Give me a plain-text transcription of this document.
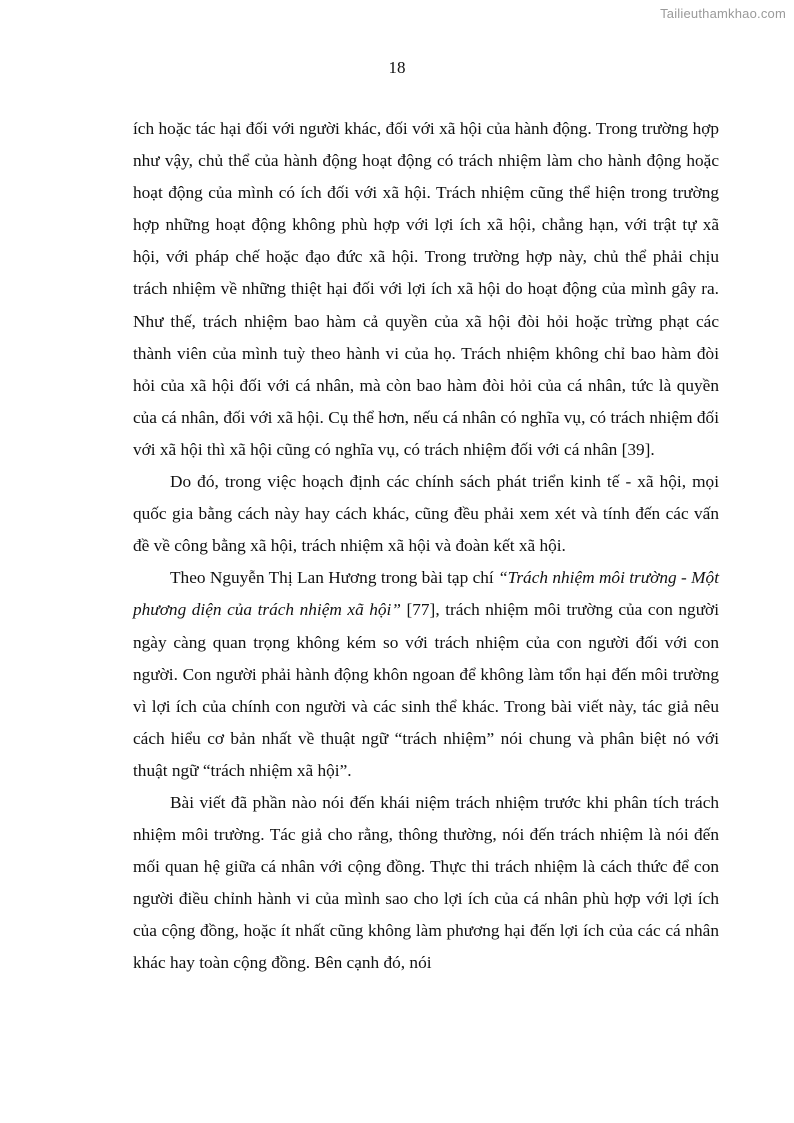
Tailieuthamkhao.com
18

ích hoặc tác hại đối với người khác, đối với xã hội của hành động. Trong trường hợp như vậy, chủ thể của hành động hoạt động có trách nhiệm làm cho hành động hoặc hoạt động của mình có ích đối với xã hội. Trách nhiệm cũng thể hiện trong trường hợp những hoạt động không phù hợp với lợi ích xã hội, chẳng hạn, với trật tự xã hội, với pháp chế hoặc đạo đức xã hội. Trong trường hợp này, chủ thể phải chịu trách nhiệm về những thiệt hại đối với lợi ích xã hội do hoạt động của mình gây ra. Như thế, trách nhiệm bao hàm cả quyền của xã hội đòi hỏi hoặc trừng phạt các thành viên của mình tuỳ theo hành vi của họ. Trách nhiệm không chỉ bao hàm đòi hỏi của xã hội đối với cá nhân, mà còn bao hàm đòi hỏi của cá nhân, tức là quyền của cá nhân, đối với xã hội. Cụ thể hơn, nếu cá nhân có nghĩa vụ, có trách nhiệm đối với xã hội thì xã hội cũng có nghĩa vụ, có trách nhiệm đối với cá nhân [39].

Do đó, trong việc hoạch định các chính sách phát triển kinh tế - xã hội, mọi quốc gia bằng cách này hay cách khác, cũng đều phải xem xét và tính đến các vấn đề về công bằng xã hội, trách nhiệm xã hội và đoàn kết xã hội.

Theo Nguyễn Thị Lan Hương trong bài tạp chí “Trách nhiệm môi trường - Một phương diện của trách nhiệm xã hội” [77], trách nhiệm môi trường của con người ngày càng quan trọng không kém so với trách nhiệm của con người đối với con người. Con người phải hành động khôn ngoan để không làm tổn hại đến môi trường vì lợi ích của chính con người và các sinh thể khác. Trong bài viết này, tác giả nêu cách hiểu cơ bản nhất về thuật ngữ “trách nhiệm” nói chung và phân biệt nó với thuật ngữ “trách nhiệm xã hội”.

Bài viết đã phần nào nói đến khái niệm trách nhiệm trước khi phân tích trách nhiệm môi trường. Tác giả cho rằng, thông thường, nói đến trách nhiệm là nói đến mối quan hệ giữa cá nhân với cộng đồng. Thực thi trách nhiệm là cách thức để con người điều chỉnh hành vi của mình sao cho lợi ích của cá nhân phù hợp với lợi ích của cộng đồng, hoặc ít nhất cũng không làm phương hại đến lợi ích của các cá nhân khác hay toàn cộng đồng. Bên cạnh đó, nói
